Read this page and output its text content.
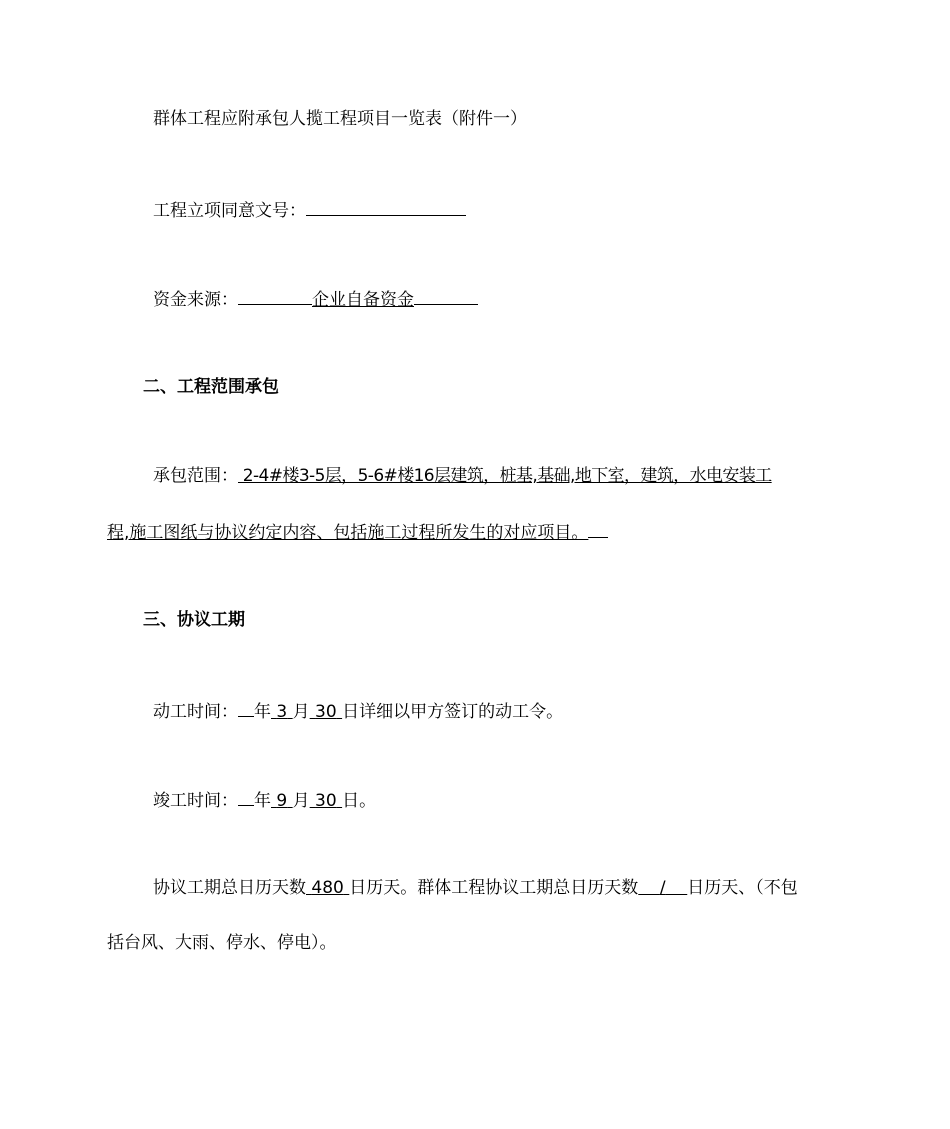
群体工程应附承包人揽工程项目一览表（附件一）
工程立项同意文号：
资金来源：	企业自备资金
二、工程范围承包
承包范围： 2-4#楼3-5层，5-6#楼16层建筑，桩基,基础,地下室，建筑，水电安装工
程,施工图纸与协议约定内容、包括施工过程所发生的对应项目。
三、协议工期
动工时间： 年 3 月 30 日详细以甲方签订的动工令。
竣工时间： 年 9 月 30 日。
协议工期总日历天数 480 日历天。群体工程协议工期总日历天数 / 日历天、（不包
括台风、大雨、停水、停电）。
